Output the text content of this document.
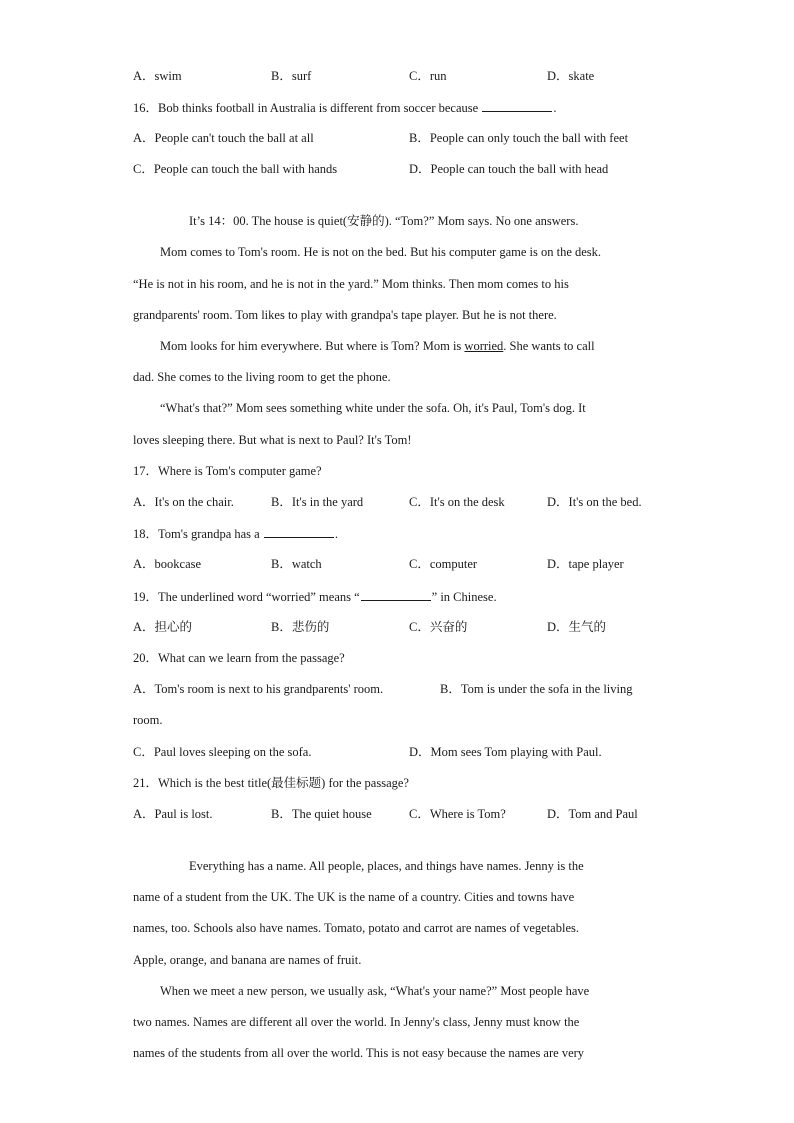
A．swim	B．surf	C．run	D．skate
16．Bob thinks football in Australia is different from soccer because	.
A．People can't touch the ball at all	B．People can only touch the ball with feet
C．People can touch the ball with hands	D．People can touch the ball with head
It’s 14：00. The house is quiet(安静的). “Tom?” Mom says. No one answers.
Mom comes to Tom's room. He is not on the bed. But his computer game is on the desk.
“He is not in his room, and he is not in the yard.” Mom thinks. Then mom comes to his
grandparents' room. Tom likes to play with grandpa's tape player. But he is not there.
Mom looks for him everywhere. But where is Tom? Mom is worried. She wants to call
dad. She comes to the living room to get the phone.
“What's that?” Mom sees something white under the sofa. Oh, it's Paul, Tom's dog. It
loves sleeping there. But what is next to Paul? It's Tom!
17．Where is Tom's computer game?
A．It's on the chair.	B．It's in the yard	C．It's on the desk	D．It's on the bed.
18．Tom's grandpa has a	.
A．bookcase	B．watch	C．computer	D．tape player
19．The underlined word “worried” means “	” in Chinese.
A．担心的	B．悲伤的	C．兴奋的	D．生气的
20．What can we learn from the passage?
A．Tom's room is next to his grandparents' room.	B．Tom is under the sofa in the living
room.
C．Paul loves sleeping on the sofa.	D．Mom sees Tom playing with Paul.
21．Which is the best title(最佳标题) for the passage?
A．Paul is lost.	B．The quiet house	C．Where is Tom?	D．Tom and Paul
Everything has a name. All people, places, and things have names. Jenny is the
name of a student from the UK. The UK is the name of a country. Cities and towns have
names, too. Schools also have names. Tomato, potato and carrot are names of vegetables.
Apple, orange, and banana are names of fruit.
When we meet a new person, we usually ask, “What's your name?” Most people have
two names. Names are different all over the world. In Jenny's class, Jenny must know the
names of the students from all over the world. This is not easy because the names are very
